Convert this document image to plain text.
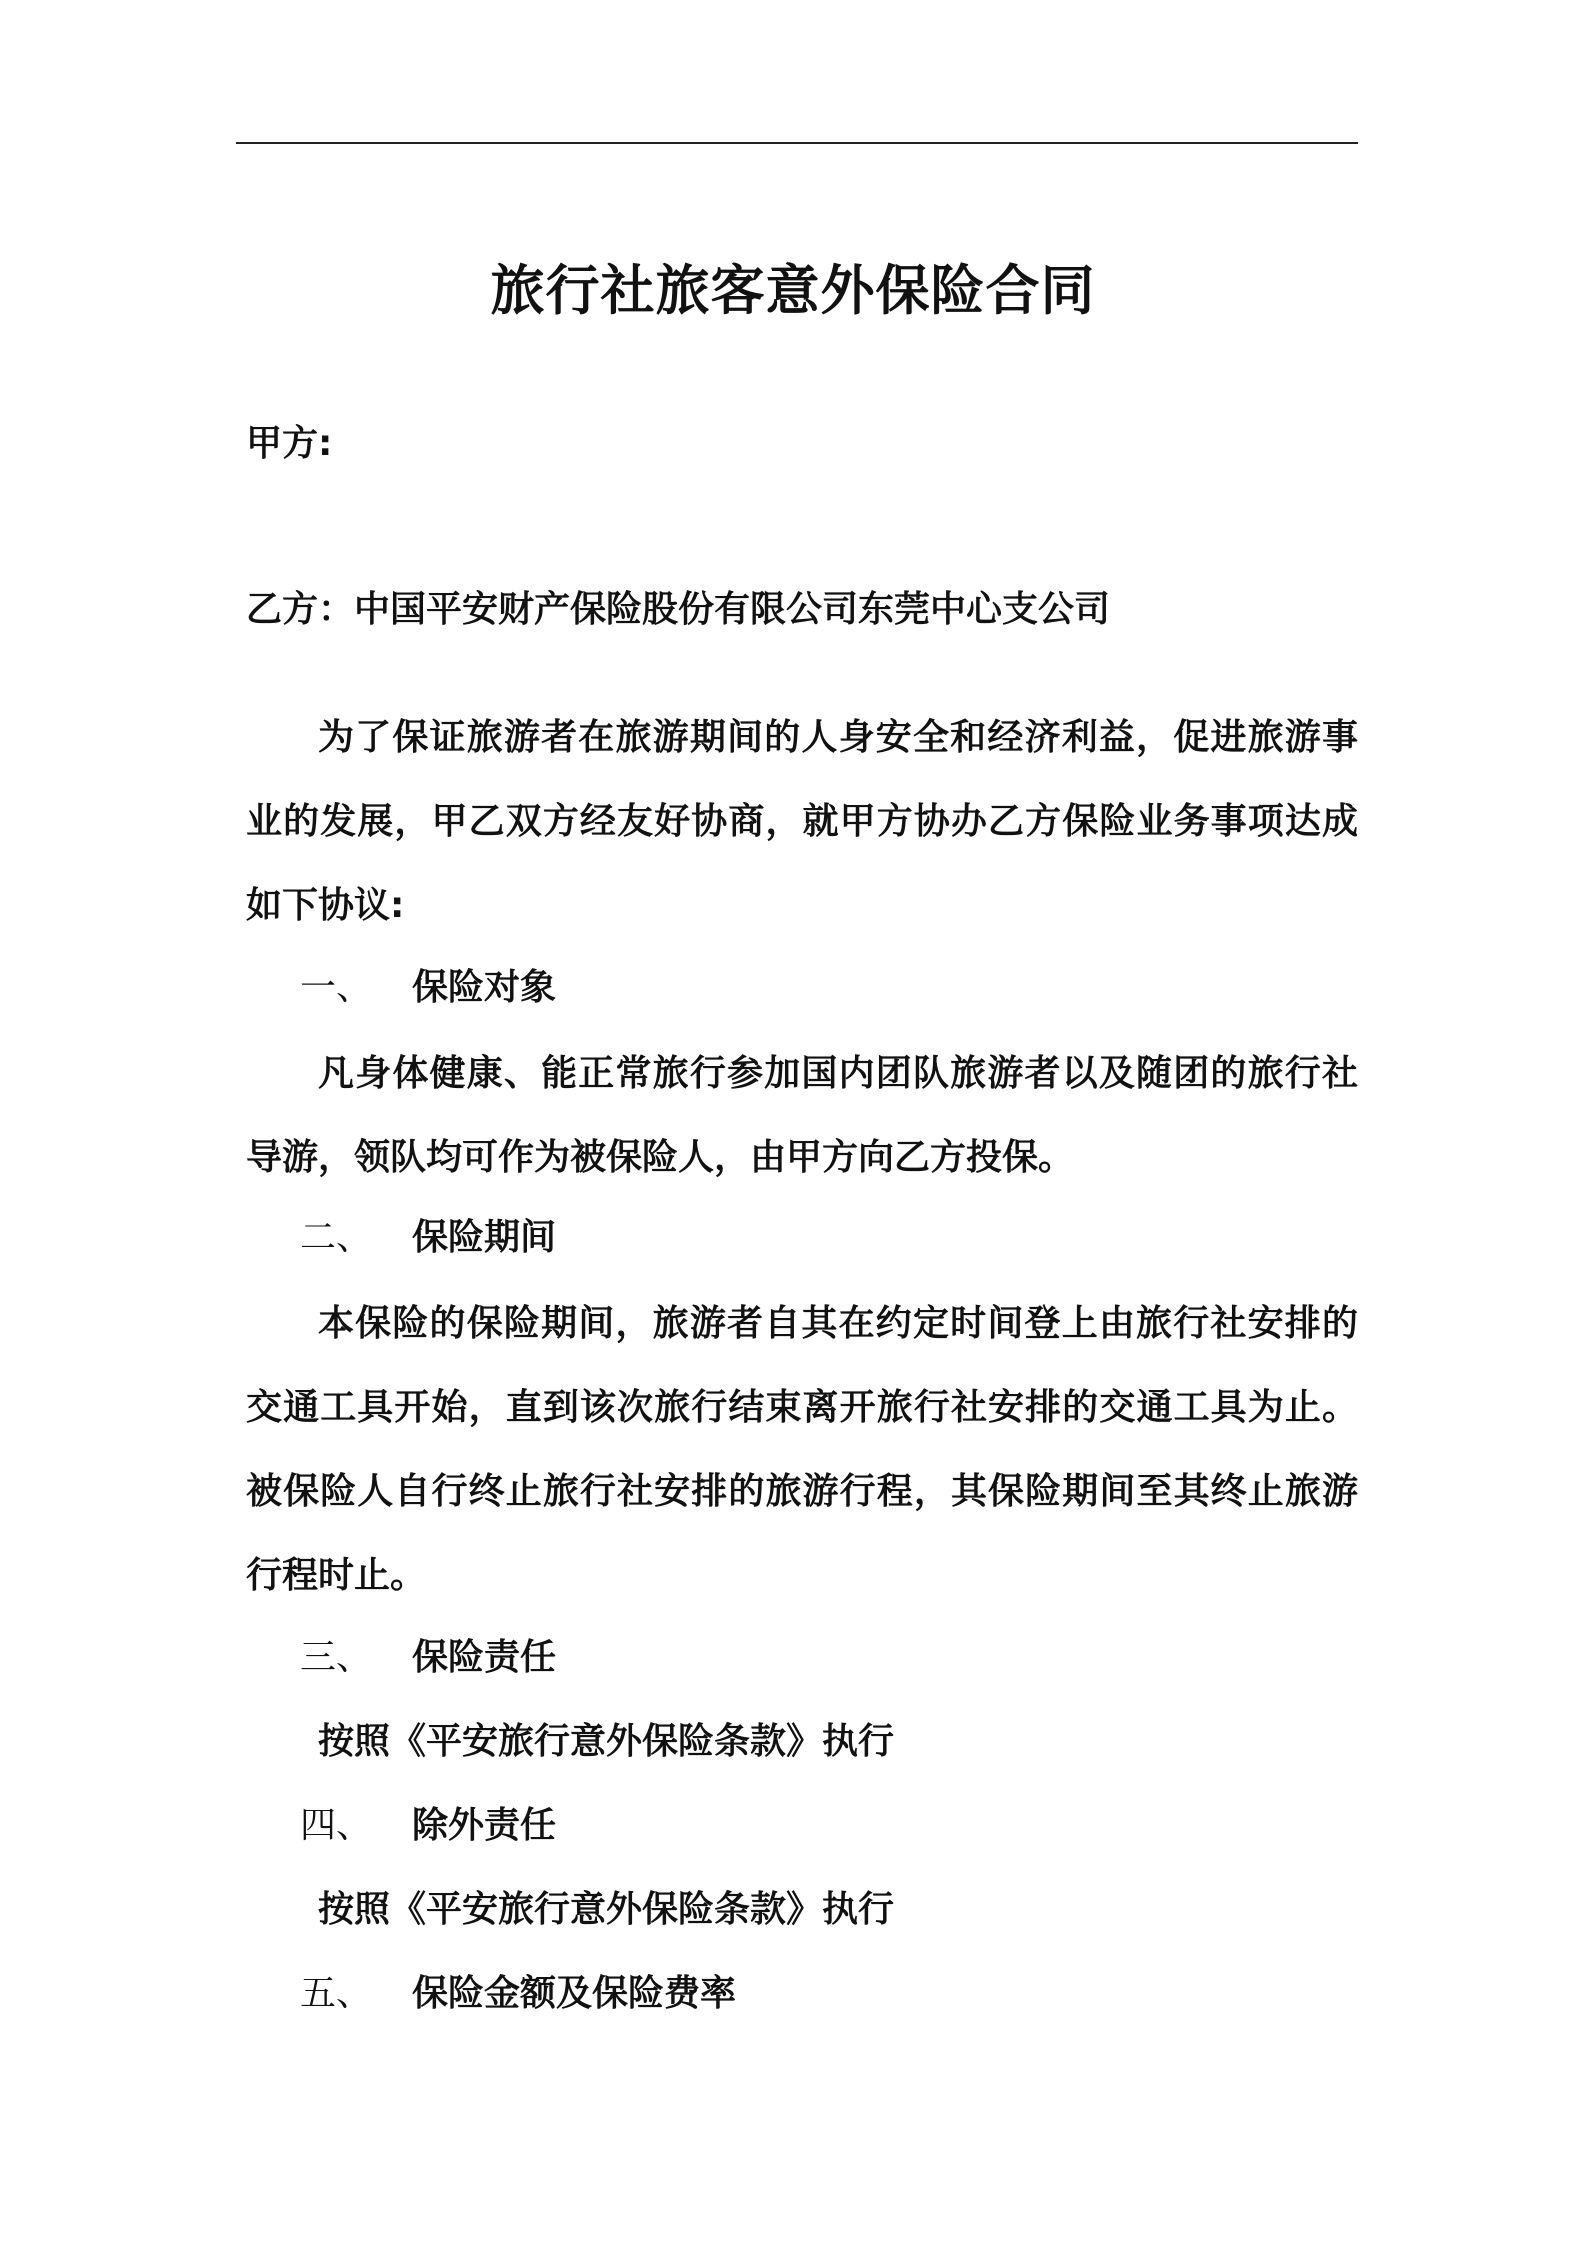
旅行社旅客意外保险合同
甲方:
乙方：中国平安财产保险股份有限公司东莞中心支公司
为了保证旅游者在旅游期间的人身安全和经济利益，促进旅游事业的发展，甲乙双方经友好协商，就甲方协办乙方保险业务事项达成如下协议:
一、 保险对象
凡身体健康、能正常旅行参加国内团队旅游者以及随团的旅行社导游，领队均可作为被保险人，由甲方向乙方投保。
二、 保险期间
本保险的保险期间，旅游者自其在约定时间登上由旅行社安排的交通工具开始，直到该次旅行结束离开旅行社安排的交通工具为止。被保险人自行终止旅行社安排的旅游行程，其保险期间至其终止旅游行程时止。
三、 保险责任
按照《平安旅行意外保险条款》执行
四、 除外责任
按照《平安旅行意外保险条款》执行
五、 保险金额及保险费率
